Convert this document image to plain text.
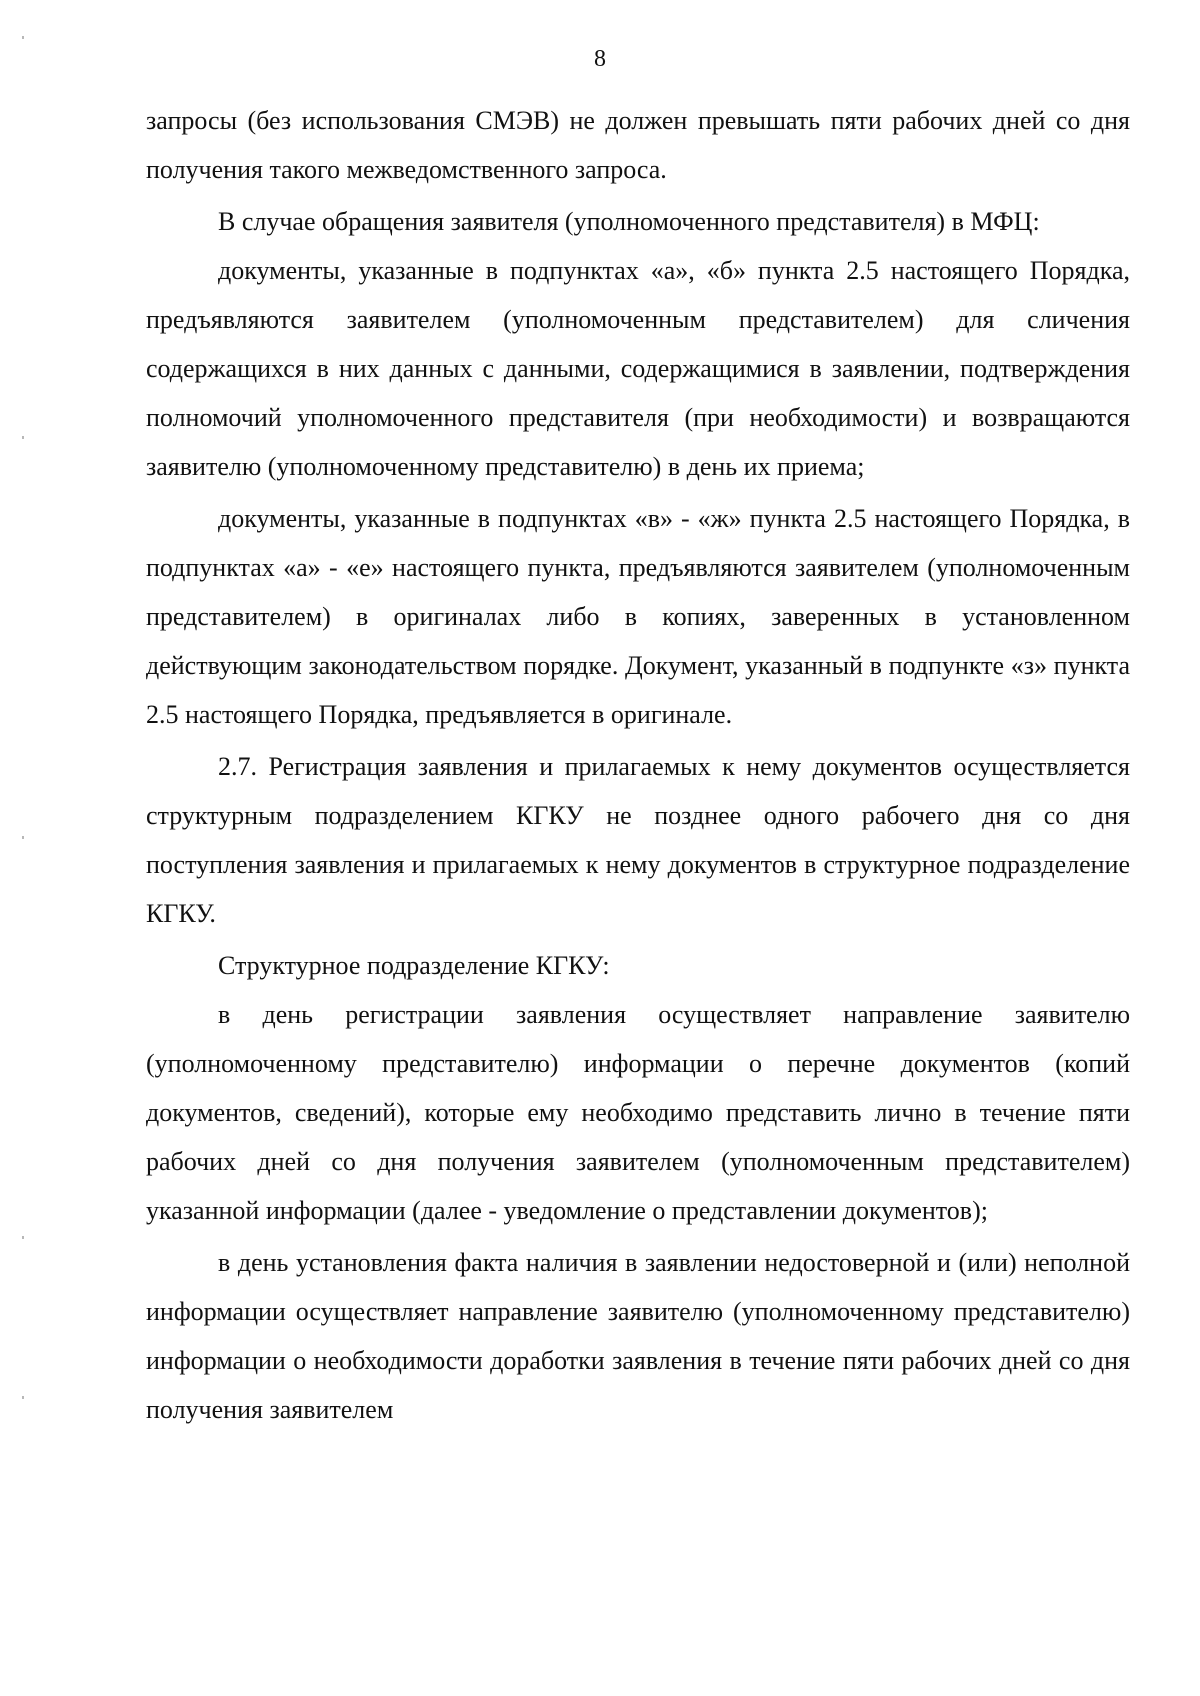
8

запросы (без использования СМЭВ) не должен превышать пяти рабочих дней со дня получения такого межведомственного запроса.

В случае обращения заявителя (уполномоченного представителя) в МФЦ:

документы, указанные в подпунктах «а», «б» пункта 2.5 настоящего Порядка, предъявляются заявителем (уполномоченным представителем) для сличения содержащихся в них данных с данными, содержащимися в заявлении, подтверждения полномочий уполномоченного представителя (при необходимости) и возвращаются заявителю (уполномоченному представителю) в день их приема;

документы, указанные в подпунктах «в» - «ж» пункта 2.5 настоящего Порядка, в подпунктах «а» - «е» настоящего пункта, предъявляются заявителем (уполномоченным представителем) в оригиналах либо в копиях, заверенных в установленном действующим законодательством порядке. Документ, указанный в подпункте «з» пункта 2.5 настоящего Порядка, предъявляется в оригинале.

2.7. Регистрация заявления и прилагаемых к нему документов осуществляется структурным подразделением КГКУ не позднее одного рабочего дня со дня поступления заявления и прилагаемых к нему документов в структурное подразделение КГКУ.

Структурное подразделение КГКУ:

в день регистрации заявления осуществляет направление заявителю (уполномоченному представителю) информации о перечне документов (копий документов, сведений), которые ему необходимо представить лично в течение пяти рабочих дней со дня получения заявителем (уполномоченным представителем) указанной информации (далее - уведомление о представлении документов);

в день установления факта наличия в заявлении недостоверной и (или) неполной информации осуществляет направление заявителю (уполномоченному представителю) информации о необходимости доработки заявления в течение пяти рабочих дней со дня получения заявителем
